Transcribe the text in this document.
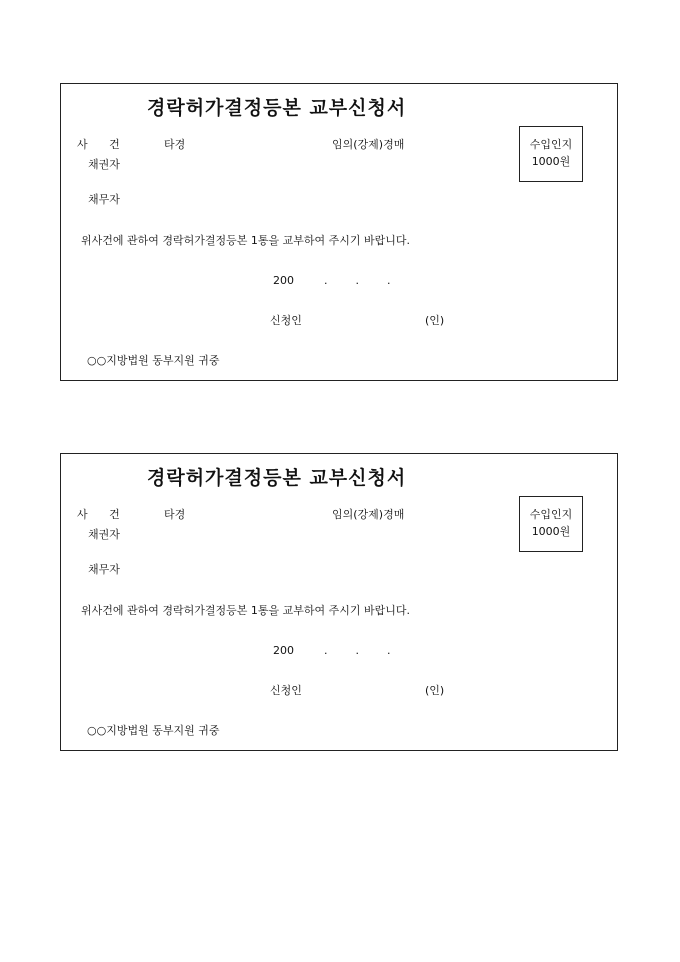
경락허가결정등본 교부신청서
사 건	타경	임의(강제)경매
채권자
채무자
수입인지
1000원
위사건에 관하여 경락허가결정등본 1통을 교부하여 주시기 바랍니다.
200	.        .        .
신청인	(인)
○○지방법원 동부지원 귀중
경락허가결정등본 교부신청서
사 건	타경	임의(강제)경매
채권자
채무자
수입인지
1000원
위사건에 관하여 경락허가결정등본 1통을 교부하여 주시기 바랍니다.
200	.        .        .
신청인	(인)
○○지방법원 동부지원 귀중
